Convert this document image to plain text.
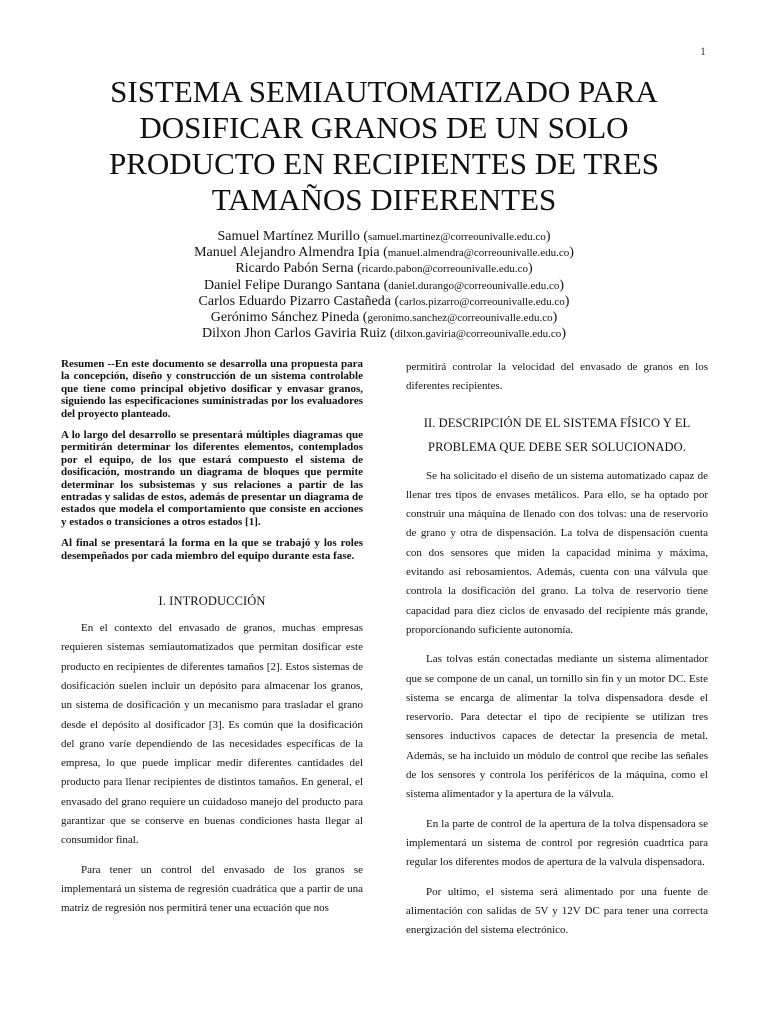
1
SISTEMA SEMIAUTOMATIZADO PARA DOSIFICAR GRANOS DE UN SOLO PRODUCTO EN RECIPIENTES DE TRES TAMAÑOS DIFERENTES
Samuel Martínez Murillo (samuel.martinez@correounivalle.edu.co)
Manuel Alejandro Almendra Ipia (manuel.almendra@correounivalle.edu.co)
Ricardo Pabón Serna (ricardo.pabon@correounivalle.edu.co)
Daniel Felipe Durango Santana (daniel.durango@correounivalle.edu.co)
Carlos Eduardo Pizarro Castañeda (carlos.pizarro@correounivalle.edu.co)
Gerónimo Sánchez Pineda (geronimo.sanchez@correounivalle.edu.co)
Dilxon Jhon Carlos Gaviria Ruiz (dilxon.gaviria@correounivalle.edu.co)

Resumen --En este documento se desarrolla una propuesta para la concepción, diseño y construcción de un sistema controlable que tiene como principal objetivo dosificar y envasar granos, siguiendo las especificaciones suministradas por los evaluadores del proyecto planteado.

A lo largo del desarrollo se presentará múltiples diagramas que permitirán determinar los diferentes elementos, contemplados por el equipo, de los que estará compuesto el sistema de dosificación, mostrando un diagrama de bloques que permite determinar los subsistemas y sus relaciones a partir de las entradas y salidas de estos, además de presentar un diagrama de estados que modela el comportamiento que consiste en acciones y estados o transiciones a otros estados [1].

Al final se presentará la forma en la que se trabajó y los roles desempeñados por cada miembro del equipo durante esta fase.

I. INTRODUCCIÓN

En el contexto del envasado de granos, muchas empresas requieren sistemas semiautomatizados que permitan dosificar este producto en recipientes de diferentes tamaños [2]. Estos sistemas de dosificación suelen incluir un depósito para almacenar los granos, un sistema de dosificación y un mecanismo para trasladar el grano desde el depósito al dosificador [3]. Es común que la dosificación del grano varíe dependiendo de las necesidades específicas de la empresa, lo que puede implicar medir diferentes cantidades del producto para llenar recipientes de distintos tamaños. En general, el envasado del grano requiere un cuidadoso manejo del producto para garantizar que se conserve en buenas condiciones hasta llegar al consumidor final.

Para tener un control del envasado de los granos se implementará un sistema de regresión cuadrática que a partir de una matriz de regresión nos permitirá tener una ecuación que nos

permitirá controlar la velocidad del envasado de granos en los diferentes recipientes.

II. DESCRIPCIÓN DE EL SISTEMA FÍSICO Y EL PROBLEMA QUE DEBE SER SOLUCIONADO.

Se ha solicitado el diseño de un sistema automatizado capaz de llenar tres tipos de envases metálicos. Para ello, se ha optado por construir una máquina de llenado con dos tolvas: una de reservorio de grano y otra de dispensación. La tolva de dispensación cuenta con dos sensores que miden la capacidad mínima y máxima, evitando así rebosamientos. Además, cuenta con una válvula que controla la dosificación del grano. La tolva de reservorio tiene capacidad para diez ciclos de envasado del recipiente más grande, proporcionando suficiente autonomía.

Las tolvas están conectadas mediante un sistema alimentador que se compone de un canal, un tornillo sin fin y un motor DC. Este sistema se encarga de alimentar la tolva dispensadora desde el reservorio. Para detectar el tipo de recipiente se utilizan tres sensores inductivos capaces de detectar la presencia de metal. Además, se ha incluido un módulo de control que recibe las señales de los sensores y controla los periféricos de la máquina, como el sistema alimentador y la apertura de la válvula.

En la parte de control de la apertura de la tolva dispensadora se implementará un sistema de control por regresión cuadrtica para regular los diferentes modos de apertura de la valvula dispensadora.

Por ultimo, el sistema será alimentado por una fuente de alimentación con salidas de 5V y 12V DC para tener una correcta energización del sistema electrónico.
